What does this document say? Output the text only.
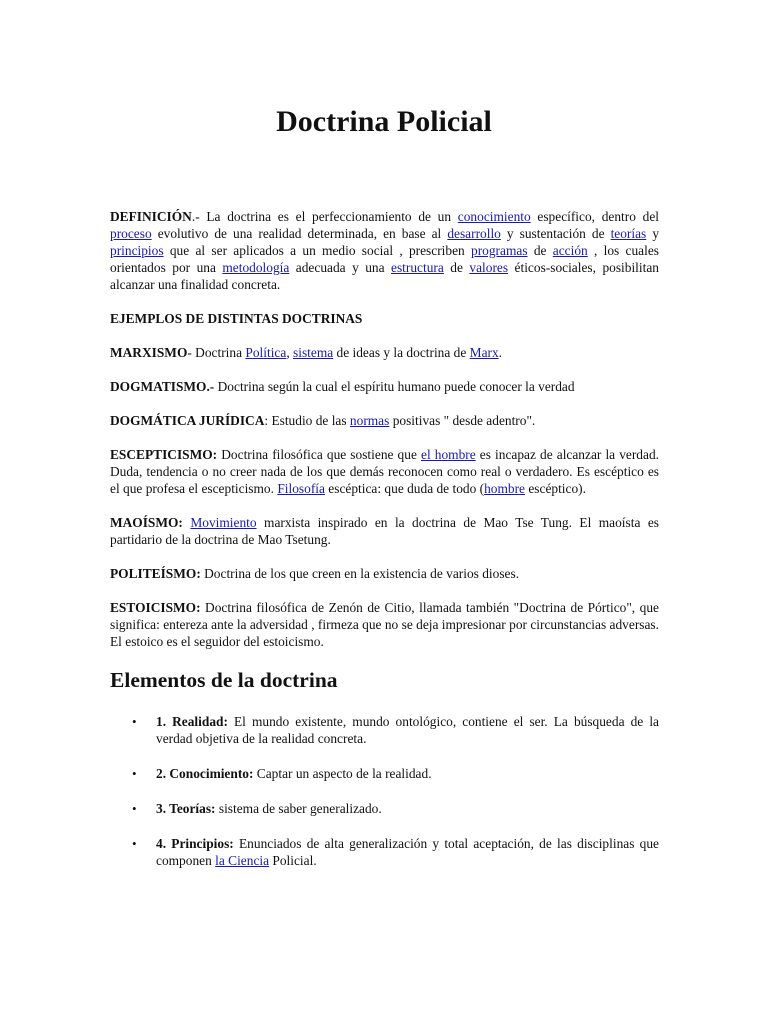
Doctrina Policial

DEFINICIÓN.- La doctrina es el perfeccionamiento de un conocimiento específico, dentro del proceso evolutivo de una realidad determinada, en base al desarrollo y sustentación de teorías y principios que al ser aplicados a un medio social , prescriben programas de acción , los cuales orientados por una metodología adecuada y una estructura de valores éticos-sociales, posibilitan alcanzar una finalidad concreta.

EJEMPLOS DE DISTINTAS DOCTRINAS

MARXISMO- Doctrina Política, sistema de ideas y la doctrina de Marx.

DOGMATISMO.- Doctrina según la cual el espíritu humano puede conocer la verdad

DOGMÁTICA JURÍDICA: Estudio de las normas positivas " desde adentro".

ESCEPTICISMO: Doctrina filosófica que sostiene que el hombre es incapaz de alcanzar la verdad. Duda, tendencia o no creer nada de los que demás reconocen como real o verdadero. Es escéptico es el que profesa el escepticismo. Filosofía escéptica: que duda de todo (hombre escéptico).

MAOÍSMO: Movimiento marxista inspirado en la doctrina de Mao Tse Tung. El maoísta es partidario de la doctrina de Mao Tsetung.

POLITEÍSMO: Doctrina de los que creen en la existencia de varios dioses.

ESTOICISMO: Doctrina filosófica de Zenón de Citio, llamada también "Doctrina de Pórtico", que significa: entereza ante la adversidad , firmeza que no se deja impresionar por circunstancias adversas. El estoico es el seguidor del estoicismo.

Elementos de la doctrina

• 1. Realidad: El mundo existente, mundo ontológico, contiene el ser. La búsqueda de la verdad objetiva de la realidad concreta.
• 2. Conocimiento: Captar un aspecto de la realidad.
• 3. Teorías: sistema de saber generalizado.
• 4. Principios: Enunciados de alta generalización y total aceptación, de las disciplinas que componen la Ciencia Policial.
